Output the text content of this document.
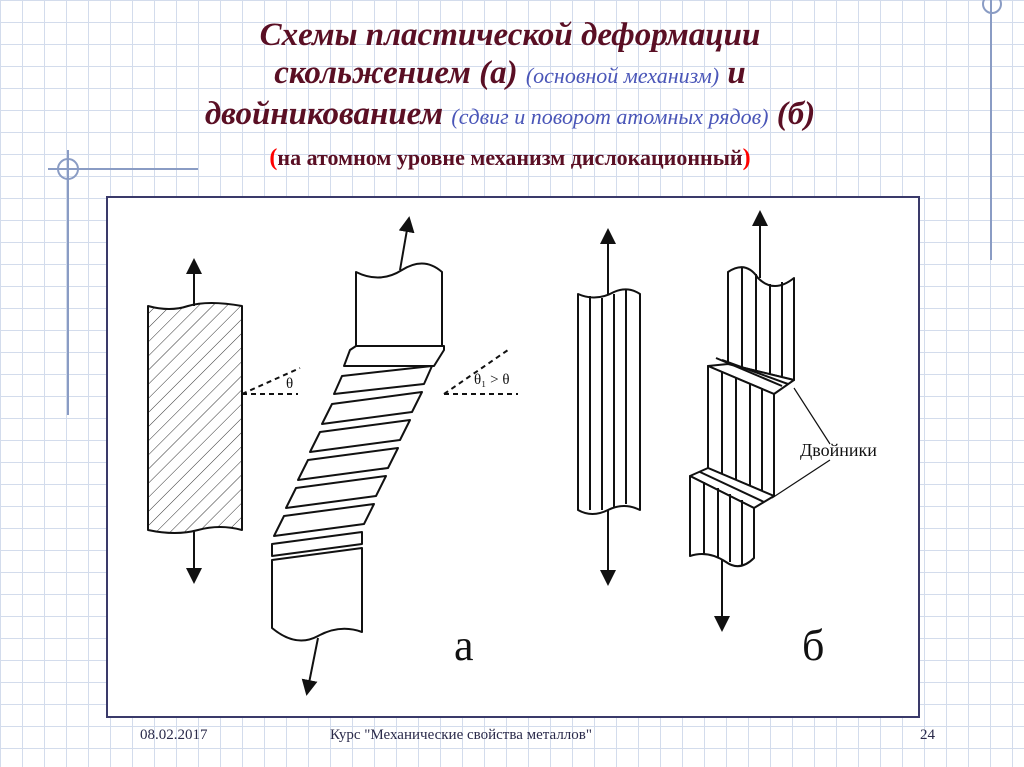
Схемы пластической деформации
скольжением (а) (основной механизм) и
двойникованием (сдвиг и поворот атомных рядов) (б)
(на атомном уровне механизм дислокационный)
θ	θ₁ > θ
Двойники
а	б
08.02.2017	Курс "Механические свойства металлов"	24
